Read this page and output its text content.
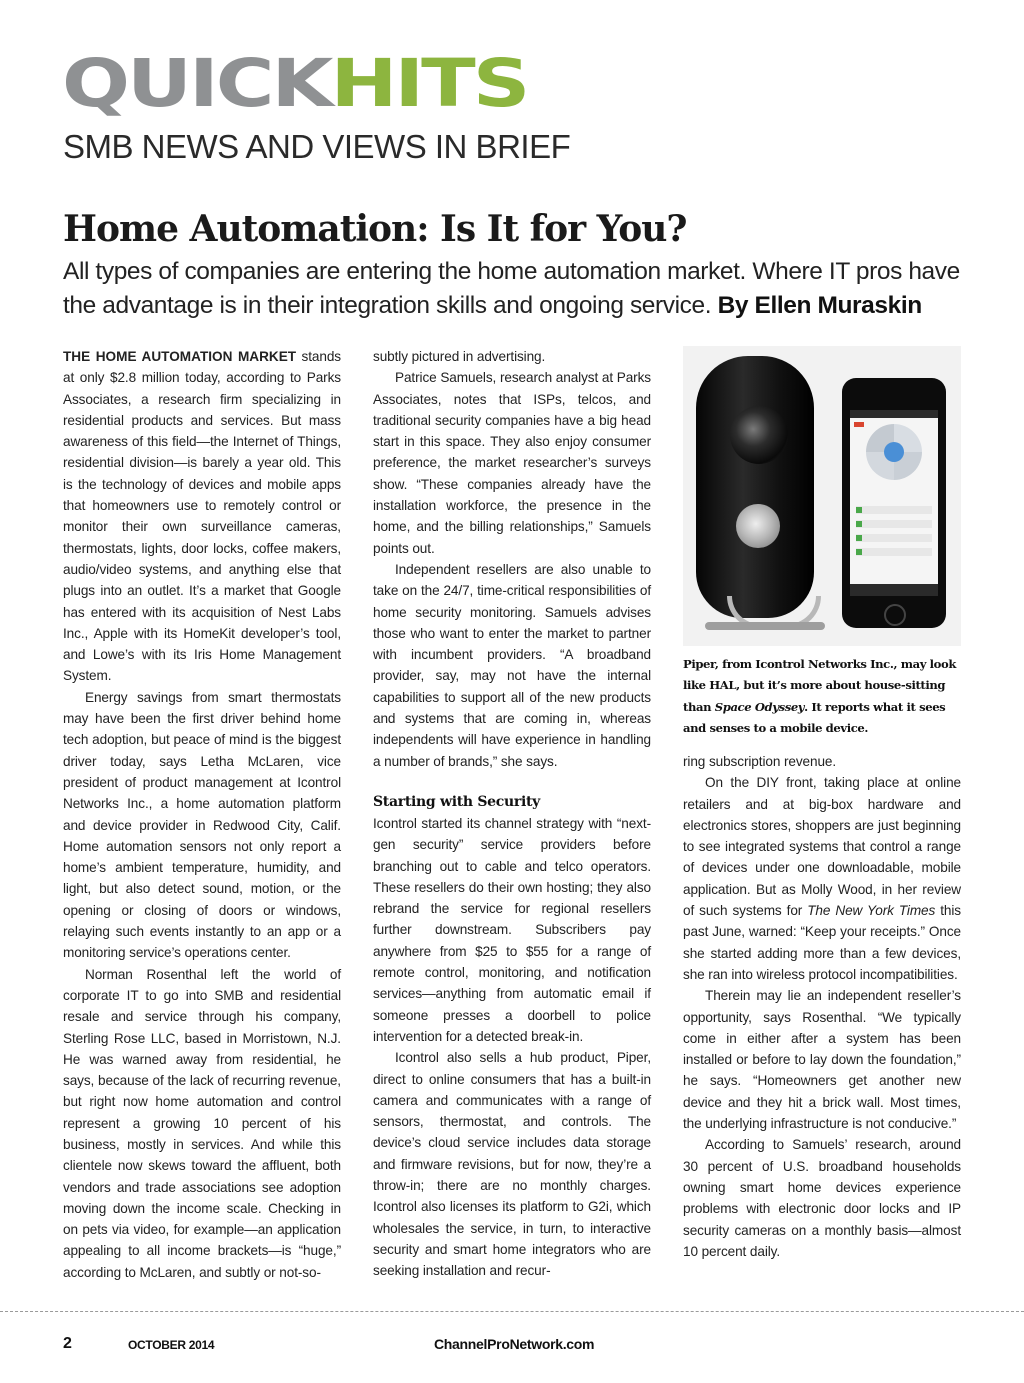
QUICKHITS
SMB NEWS AND VIEWS IN BRIEF
Home Automation: Is It for You?

All types of companies are entering the home automation market. Where IT pros have the advantage is in their integration skills and ongoing service. By Ellen Muraskin

THE HOME AUTOMATION MARKET stands at only $2.8 million today, according to Parks Associates, a research firm specializing in residential products and services. But mass awareness of this field—the Internet of Things, residential division—is barely a year old. This is the technology of devices and mobile apps that homeowners use to remotely control or monitor their own surveillance cameras, thermostats, lights, door locks, coffee makers, audio/video systems, and anything else that plugs into an outlet. It’s a market that Google has entered with its acquisition of Nest Labs Inc., Apple with its HomeKit developer’s tool, and Lowe’s with its Iris Home Management System.

Energy savings from smart thermostats may have been the first driver behind home tech adoption, but peace of mind is the biggest driver today, says Letha McLaren, vice president of product management at Icontrol Networks Inc., a home automation platform and device provider in Redwood City, Calif. Home automation sensors not only report a home’s ambient temperature, humidity, and light, but also detect sound, motion, or the opening or closing of doors or windows, relaying such events instantly to an app or a monitoring service’s operations center.

Norman Rosenthal left the world of corporate IT to go into SMB and residential resale and service through his company, Sterling Rose LLC, based in Morristown, N.J. He was warned away from residential, he says, because of the lack of recurring revenue, but right now home automation and control represent a growing 10 percent of his business, mostly in services. And while this clientele now skews toward the affluent, both vendors and trade associations see adoption moving down the income scale. Checking in on pets via video, for example—an application appealing to all income brackets—is “huge,” according to McLaren, and subtly or not-so-

subtly pictured in advertising.

Patrice Samuels, research analyst at Parks Associates, notes that ISPs, telcos, and traditional security companies have a big head start in this space. They also enjoy consumer preference, the market researcher’s surveys show. “These companies already have the installation workforce, the presence in the home, and the billing relationships,” Samuels points out.

Independent resellers are also unable to take on the 24/7, time-critical responsibilities of home security monitoring. Samuels advises those who want to enter the market to partner with incumbent providers. “A broadband provider, say, may not have the internal capabilities to support all of the new products and systems that are coming in, whereas independents will have experience in handling a number of brands,” she says.

Starting with Security

Icontrol started its channel strategy with “next-gen security” service providers before branching out to cable and telco operators. These resellers do their own hosting; they also rebrand the service for regional resellers further downstream. Subscribers pay anywhere from $25 to $55 for a range of remote control, monitoring, and notification services—anything from automatic email if someone presses a doorbell to police intervention for a detected break-in.

Icontrol also sells a hub product, Piper, direct to online consumers that has a built-in camera and communicates with a range of sensors, thermostat, and controls. The device’s cloud service includes data storage and firmware revisions, but for now, they’re a throw-in; there are no monthly charges. Icontrol also licenses its platform to G2i, which wholesales the service, in turn, to interactive security and smart home integrators who are seeking installation and recur-

Piper, from Icontrol Networks Inc., may look like HAL, but it’s more about house-sitting than Space Odyssey. It reports what it sees and senses to a mobile device.

ring subscription revenue.

On the DIY front, taking place at online retailers and at big-box hardware and electronics stores, shoppers are just beginning to see integrated systems that control a range of devices under one downloadable, mobile application. But as Molly Wood, in her review of such systems for The New York Times this past June, warned: “Keep your receipts.” Once she started adding more than a few devices, she ran into wireless protocol incompatibilities.

Therein may lie an independent reseller’s opportunity, says Rosenthal. “We typically come in either after a system has been installed or before to lay down the foundation,” he says. “Homeowners get another new device and they hit a brick wall. Most times, the underlying infrastructure is not conducive.”

According to Samuels’ research, around 30 percent of U.S. broadband households owning smart home devices experience problems with electronic door locks and IP security cameras on a monthly basis—almost 10 percent daily.

2	OCTOBER 2014	ChannelProNetwork.com
